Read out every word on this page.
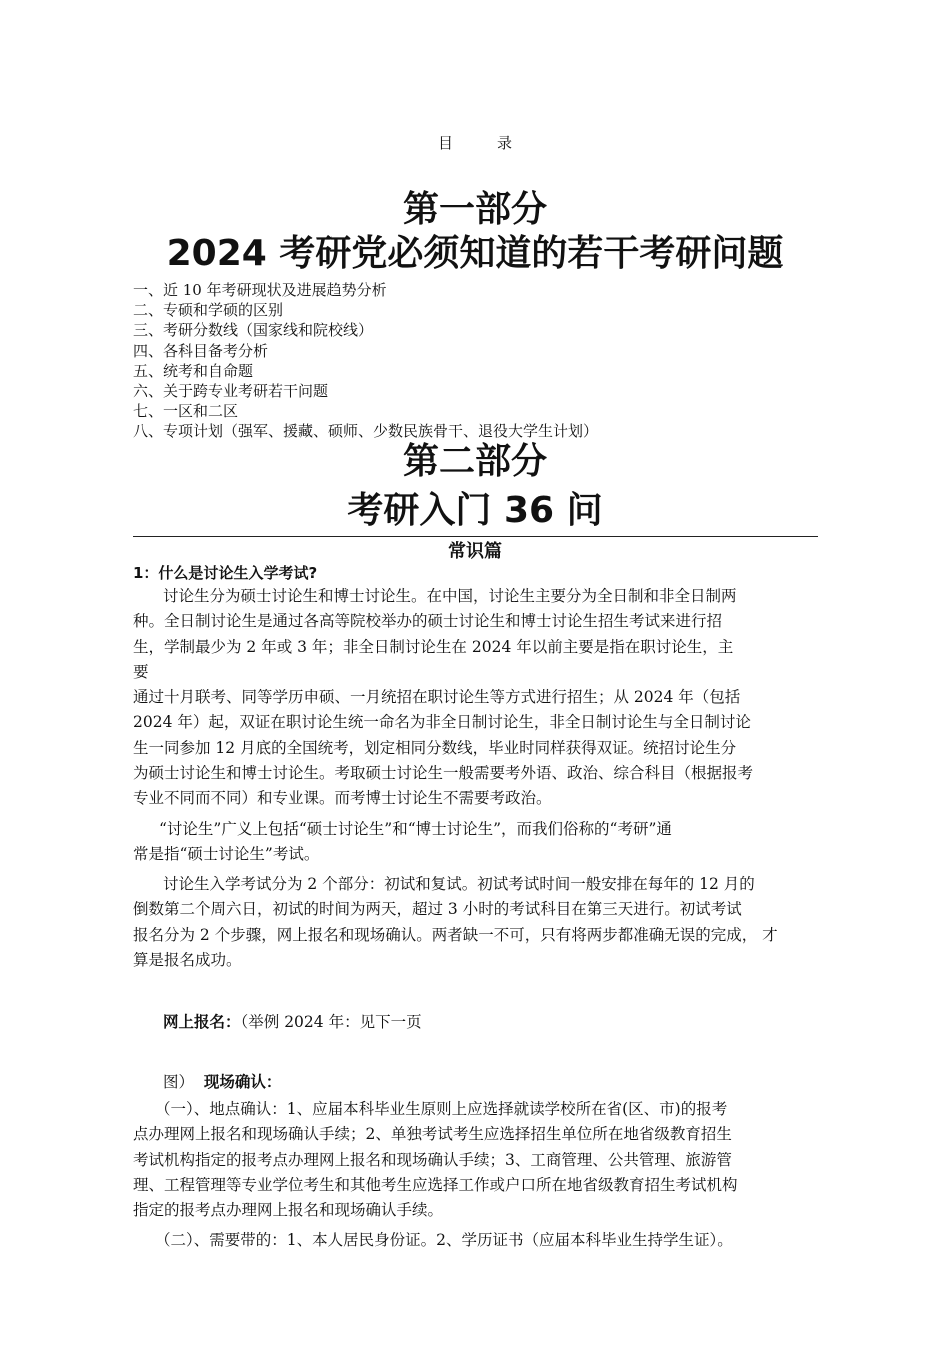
目	录
第一部分
2024 考研党必须知道的若干考研问题
一、近 10 年考研现状及进展趋势分析
二、专硕和学硕的区别
三、考研分数线（国家线和院校线）
四、各科目备考分析
五、统考和自命题
六、关于跨专业考研若干问题
七、一区和二区
八、专项计划（强军、援藏、硕师、少数民族骨干、退役大学生计划）
第二部分
考研入门 36 问
常识篇
1：什么是讨论生入学考试?
讨论生分为硕士讨论生和博士讨论生。在中国，讨论生主要分为全日制和非全日制两
种。全日制讨论生是通过各高等院校举办的硕士讨论生和博士讨论生招生考试来进行招
生，学制最少为 2 年或 3 年；非全日制讨论生在 2024 年以前主要是指在职讨论生，主
要
通过十月联考、同等学历申硕、一月统招在职讨论生等方式进行招生；从 2024 年（包括
2024 年）起，双证在职讨论生统一命名为非全日制讨论生，非全日制讨论生与全日制讨论
生一同参加 12 月底的全国统考，划定相同分数线，毕业时同样获得双证。统招讨论生分
为硕士讨论生和博士讨论生。考取硕士讨论生一般需要考外语、政治、综合科目（根据报考
专业不同而不同）和专业课。而考博士讨论生不需要考政治。
“讨论生”广义上包括“硕士讨论生”和“博士讨论生”，而我们俗称的“考研”通
常是指“硕士讨论生”考试。
讨论生入学考试分为 2 个部分：初试和复试。初试考试时间一般安排在每年的 12 月的
倒数第二个周六日，初试的时间为两天，超过 3 小时的考试科目在第三天进行。初试考试
报名分为 2 个步骤，网上报名和现场确认。两者缺一不可，只有将两步都准确无误的完成， 才
算是报名成功。
网上报名：（举例 2024 年：见下一页
图） 现场确认：
（一）、地点确认：1、应届本科毕业生原则上应选择就读学校所在省(区、市)的报考
点办理网上报名和现场确认手续；2、单独考试考生应选择招生单位所在地省级教育招生
考试机构指定的报考点办理网上报名和现场确认手续；3、工商管理、公共管理、旅游管
理、工程管理等专业学位考生和其他考生应选择工作或户口所在地省级教育招生考试机构
指定的报考点办理网上报名和现场确认手续。
（二）、需要带的：1、本人居民身份证。2、学历证书（应届本科毕业生持学生证）。
